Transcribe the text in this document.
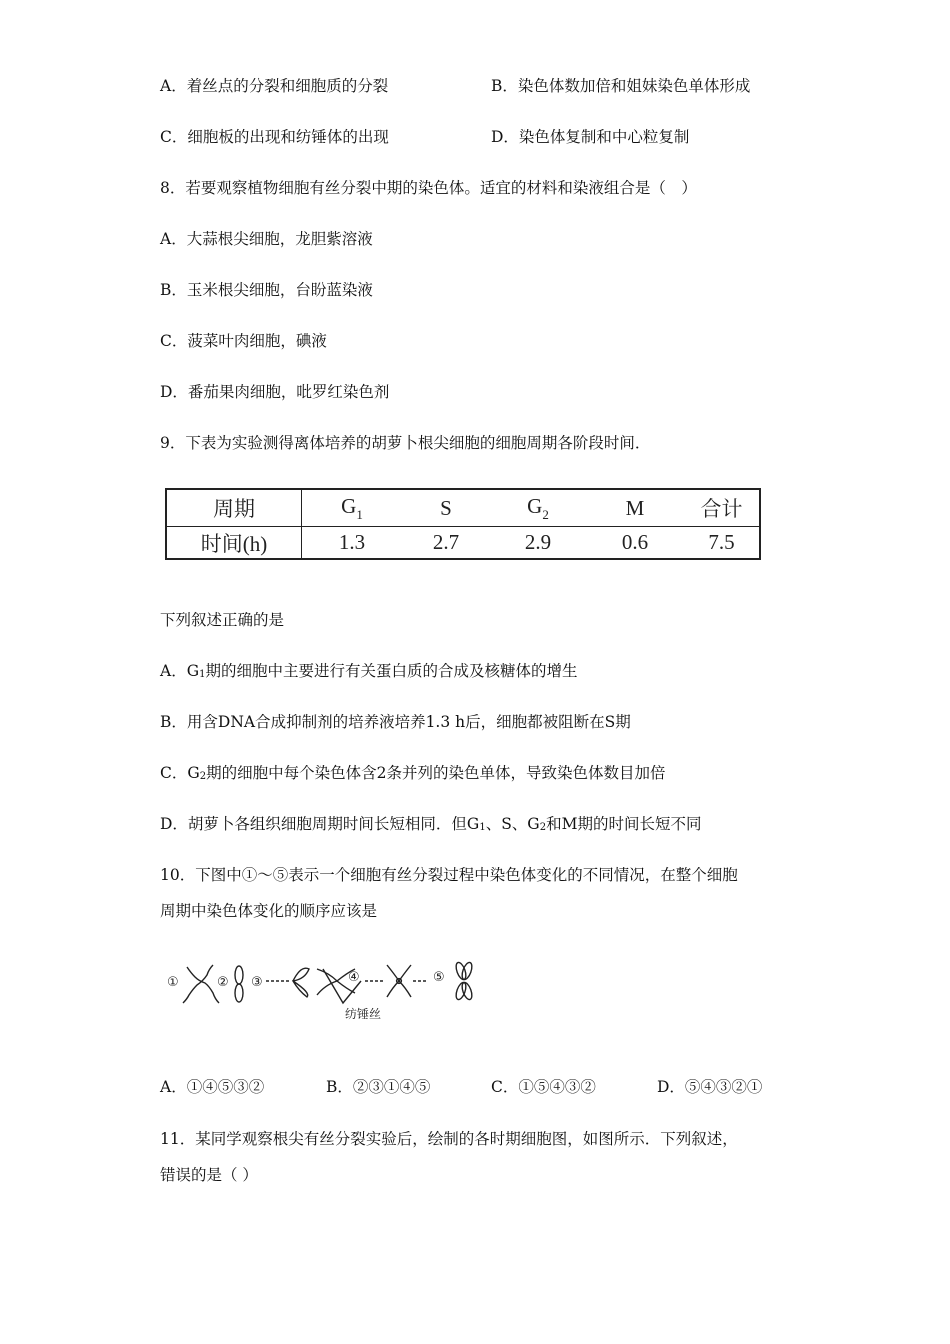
A．着丝点的分裂和细胞质的分裂	B．染色体数加倍和姐妹染色单体形成
C．细胞板的出现和纺锤体的出现	D．染色体复制和中心粒复制
8．若要观察植物细胞有丝分裂中期的染色体。适宜的材料和染液组合是（　）
A．大蒜根尖细胞，龙胆紫溶液
B．玉米根尖细胞，台盼蓝染液
C．菠菜叶肉细胞，碘液
D．番茄果肉细胞，吡罗红染色剂
9．下表为实验测得离体培养的胡萝卜根尖细胞的细胞周期各阶段时间．
周期	$G_1$	S	$G_2$	M	合计
时间(h)	1.3	2.7	2.9	0.6	7.5
下列叙述正确的是
A．G1期的细胞中主要进行有关蛋白质的合成及核糖体的增生
B．用含DNA合成抑制剂的培养液培养1.3 h后，细胞都被阻断在S期
C．G2期的细胞中每个染色体含2条并列的染色单体，导致染色体数目加倍
D．胡萝卜各组织细胞周期时间长短相同．但G1、S、G2和M期的时间长短不同
10．下图中①～⑤表示一个细胞有丝分裂过程中染色体变化的不同情况，在整个细胞
周期中染色体变化的顺序应该是
①	② ③	④	⑤
纺锤丝
A．①④⑤③②	B．②③①④⑤	C．①⑤④③②	D．⑤④③②①
11．某同学观察根尖有丝分裂实验后，绘制的各时期细胞图，如图所示．下列叙述，
错误的是（ ）
